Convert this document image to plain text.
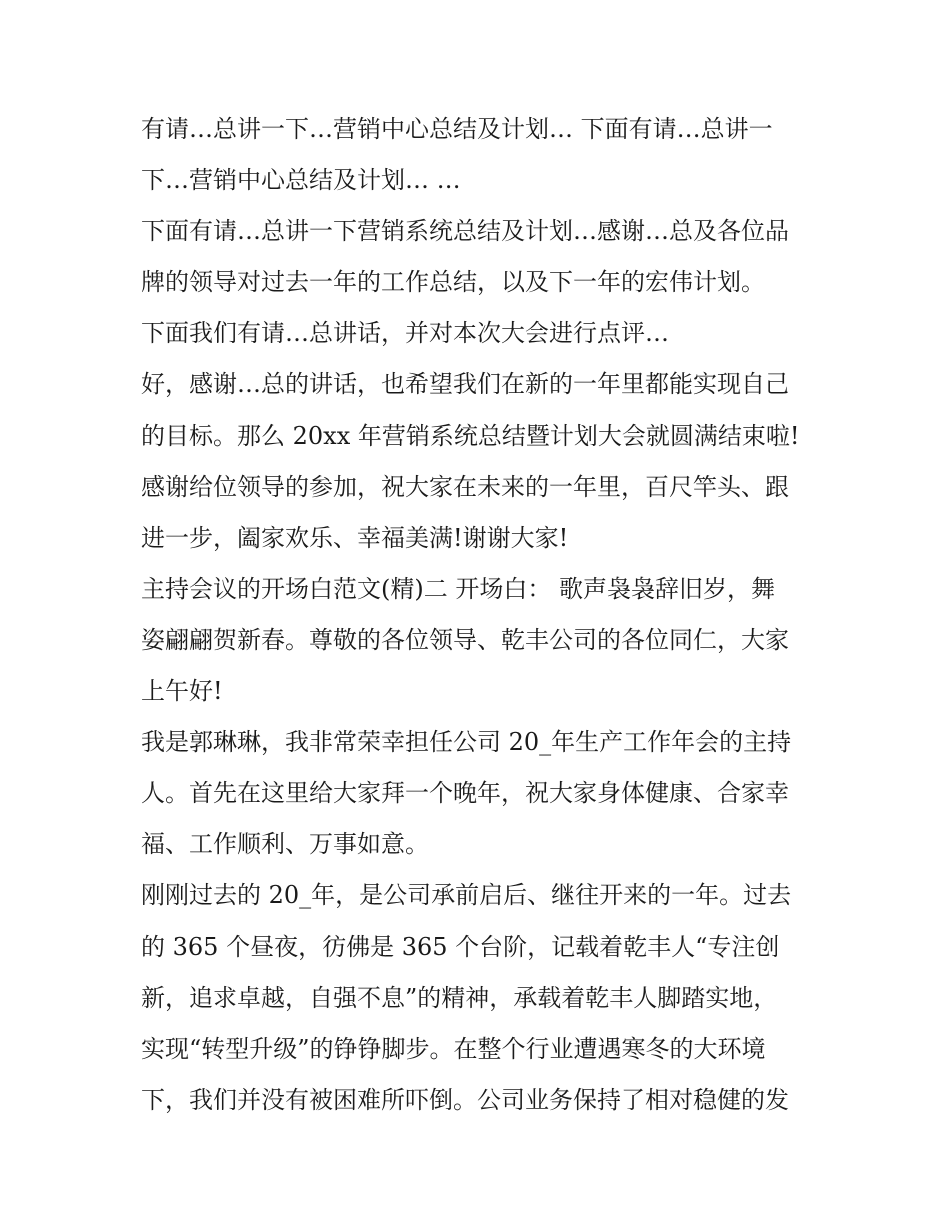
有请…总讲一下…营销中心总结及计划… 下面有请…总讲一
下…营销中心总结及计划… …
下面有请…总讲一下营销系统总结及计划…感谢…总及各位品
牌的领导对过去一年的工作总结，以及下一年的宏伟计划。
下面我们有请…总讲话，并对本次大会进行点评…
好，感谢…总的讲话，也希望我们在新的一年里都能实现自己
的目标。那么 20xx 年营销系统总结暨计划大会就圆满结束啦!
感谢给位领导的参加，祝大家在未来的一年里，百尺竿头、跟
进一步，阖家欢乐、幸福美满!谢谢大家!
主持会议的开场白范文(精)二 开场白： 歌声袅袅辞旧岁，舞
姿翩翩贺新春。尊敬的各位领导、乾丰公司的各位同仁，大家
上午好!
我是郭琳琳，我非常荣幸担任公司 20_年生产工作年会的主持
人。首先在这里给大家拜一个晚年，祝大家身体健康、合家幸
福、工作顺利、万事如意。
刚刚过去的 20_年，是公司承前启后、继往开来的一年。过去
的 365 个昼夜，彷佛是 365 个台阶，记载着乾丰人“专注创
新，追求卓越，自强不息”的精神，承载着乾丰人脚踏实地，
实现“转型升级”的铮铮脚步。在整个行业遭遇寒冬的大环境
下，我们并没有被困难所吓倒。公司业务保持了相对稳健的发
